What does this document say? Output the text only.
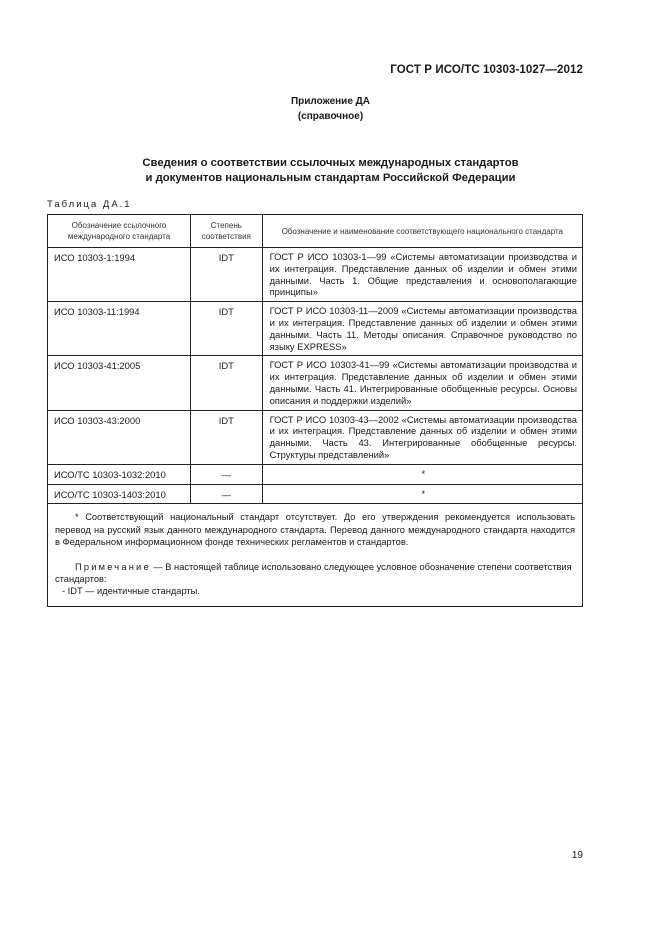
ГОСТ Р ИСО/ТС 10303-1027—2012
Приложение ДА
(справочное)
Сведения о соответствии ссылочных международных стандартов
и документов национальным стандартам Российской Федерации
Таблица ДА.1
Обозначение ссылочного международного стандарта	Степень соответствия	Обозначение и наименование соответствующего национального стандарта
ИСО 10303-1:1994	IDT	ГОСТ Р ИСО 10303-1—99 «Системы автоматизации производства и их интеграция. Представление данных об изделии и обмен этими данными. Часть 1. Общие представления и основополагающие принципы»
ИСО 10303-11:1994	IDT	ГОСТ Р ИСО 10303-11—2009 «Системы автоматизации производства и их интеграция. Представление данных об изделии и обмен этими данными. Часть 11. Методы описания. Справочное руководство по языку EXPRESS»
ИСО 10303-41:2005	IDT	ГОСТ Р ИСО 10303-41—99 «Системы автоматизации производства и их интеграция. Представление данных об изделии и обмен этими данными. Часть 41. Интегрированные обобщенные ресурсы. Основы описания и поддержки изделий»
ИСО 10303-43:2000	IDT	ГОСТ Р ИСО 10303-43—2002 «Системы автоматизации производства и их интеграция. Представление данных об изделии и обмен этими данными. Часть 43. Интегрированные обобщенные ресурсы. Структуры представлений»
ИСО/ТС 10303-1032:2010	—	*
ИСО/ТС 10303-1403:2010	—	*

* Соответствующий национальный стандарт отсутствует. До его утверждения рекомендуется использовать перевод на русский язык данного международного стандарта. Перевод данного международного стандарта находится в Федеральном информационном фонде технических регламентов и стандартов.

Примечание — В настоящей таблице использовано следующее условное обозначение степени соответствия стандартов:
- IDT — идентичные стандарты.		
19
